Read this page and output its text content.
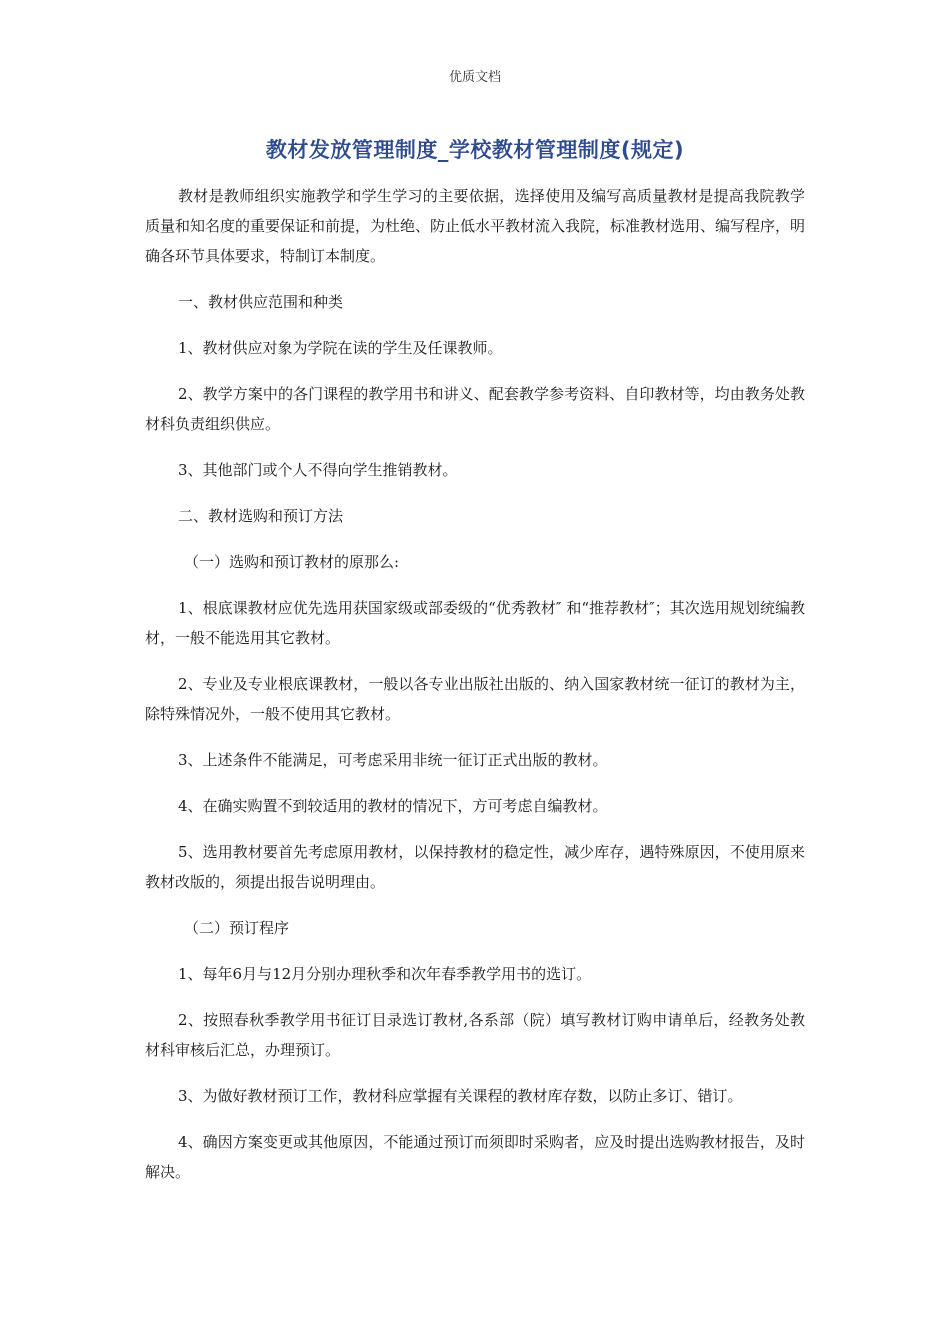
优质文档
教材发放管理制度_学校教材管理制度(规定)

教材是教师组织实施教学和学生学习的主要依据，选择使用及编写高质量教材是提高我院教学质量和知名度的重要保证和前提，为杜绝、防止低水平教材流入我院，标准教材选用、编写程序，明确各环节具体要求，特制订本制度。

一、教材供应范围和种类

1、教材供应对象为学院在读的学生及任课教师。

2、教学方案中的各门课程的教学用书和讲义、配套教学参考资料、自印教材等，均由教务处教材科负责组织供应。

3、其他部门或个人不得向学生推销教材。

二、教材选购和预订方法

（一）选购和预订教材的原那么:

1、根底课教材应优先选用获国家级或部委级的“优秀教材″ 和“推荐教材″；其次选用规划统编教材，一般不能选用其它教材。

2、专业及专业根底课教材，一般以各专业出版社出版的、纳入国家教材统一征订的教材为主，除特殊情况外，一般不使用其它教材。

3、上述条件不能满足，可考虑采用非统一征订正式出版的教材。

4、在确实购置不到较适用的教材的情况下，方可考虑自编教材。

5、选用教材要首先考虑原用教材，以保持教材的稳定性，减少库存，遇特殊原因，不使用原来教材改版的，须提出报告说明理由。

（二）预订程序

1、每年6月与12月分别办理秋季和次年春季教学用书的选订。

2、按照春秋季教学用书征订目录选订教材,各系部（院）填写教材订购申请单后，经教务处教材科审核后汇总，办理预订。

3、为做好教材预订工作，教材科应掌握有关课程的教材库存数，以防止多订、错订。

4、确因方案变更或其他原因，不能通过预订而须即时采购者，应及时提出选购教材报告，及时解决。
